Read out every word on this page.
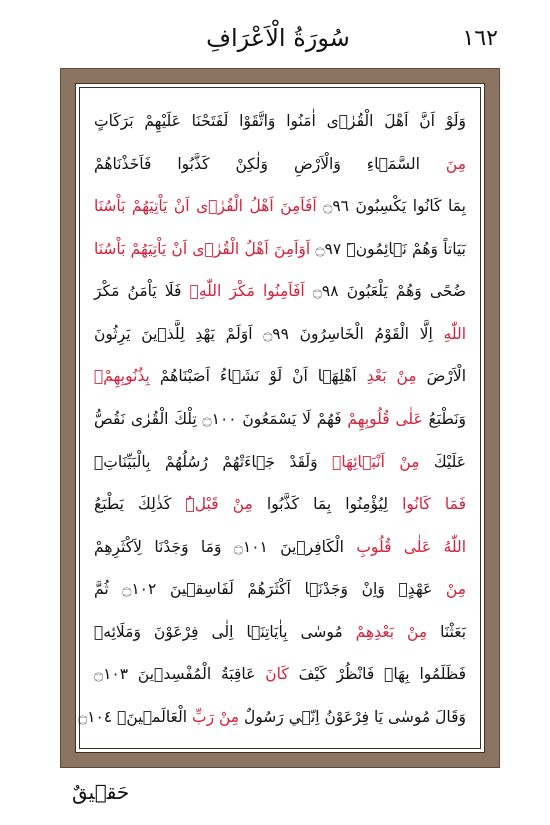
١٦٢
سُورَةُ الْاَعْرَافِ
وَلَوْ اَنَّ اَهْلَ الْقُرٰۤى اٰمَنُوا وَاتَّقَوْا لَفَتَحْنَا عَلَيْهِمْ بَرَكَاتٍ
مِنَ السَّمَۤاءِ وَالْاَرْضِ وَلٰكِنْ كَذَّبُوا فَاَخَذْنَاهُمْ
بِمَا كَانُوا يَكْسِبُونَ ۝٩٦ اَفَاَمِنَ اَهْلُ الْقُرٰۤى اَنْ يَاْتِيَهُمْ بَاْسُنَا
بَيَاتاً وَهُمْ نَۤائِمُونَۜ ۝٩٧ اَوَاَمِنَ اَهْلُ الْقُرٰۤى اَنْ يَاْتِيَهُمْ بَاْسُنَا
ضُحًى وَهُمْ يَلْعَبُونَ ۝٩٨ اَفَاَمِنُوا مَكْرَ اللّٰهِۚ فَلَا يَاْمَنُ مَكْرَ
اللّٰهِ اِلَّا الْقَوْمُ الْخَاسِرُونَ ۝٩٩ اَوَلَمْ يَهْدِ لِلَّذ۪ينَ يَرِثُونَ
الْاَرْضَ مِنْ بَعْدِ اَهْلِهَۤا اَنْ لَوْ نَشَۤاءُ اَصَبْنَاهُمْ بِذُنُوبِهِمْۚ
وَنَطْبَعُ عَلٰى قُلُوبِهِمْ فَهُمْ لَا يَسْمَعُونَ ۝١٠٠ تِلْكَ الْقُرٰى نَقُصُّ
عَلَيْكَ مِنْ اَنْبَۤائِهَاۚ وَلَقَدْ جَۤاءَتْهُمْ رُسُلُهُمْ بِالْبَيِّنَاتِۚ
فَمَا كَانُوا لِيُؤْمِنُوا بِمَا كَذَّبُوا مِنْ قَبْلُۜ كَذٰلِكَ يَطْبَعُ
اللّٰهُ عَلٰى قُلُوبِ الْكَافِر۪ينَ ۝١٠١ وَمَا وَجَدْنَا لِاَكْثَرِهِمْ
مِنْ عَهْدٍۚ وَاِنْ وَجَدْنَۤا اَكْثَرَهُمْ لَفَاسِق۪ينَ ۝١٠٢ ثُمَّ
بَعَثْنَا مِنْ بَعْدِهِمْ مُوسٰى بِاٰيَاتِنَۤا اِلٰى فِرْعَوْنَ وَمَلَائِه۪
فَظَلَمُوا بِهَاۚ فَانْظُرْ كَيْفَ كَانَ عَاقِبَةُ الْمُفْسِد۪ينَ ۝١٠٣
وَقَالَ مُوسٰى يَا فِرْعَوْنُ اِنّ۪ي رَسُولٌ مِنْ رَبِّ الْعَالَم۪ينَۙ ۝١٠٤
حَق۪يقٌ
